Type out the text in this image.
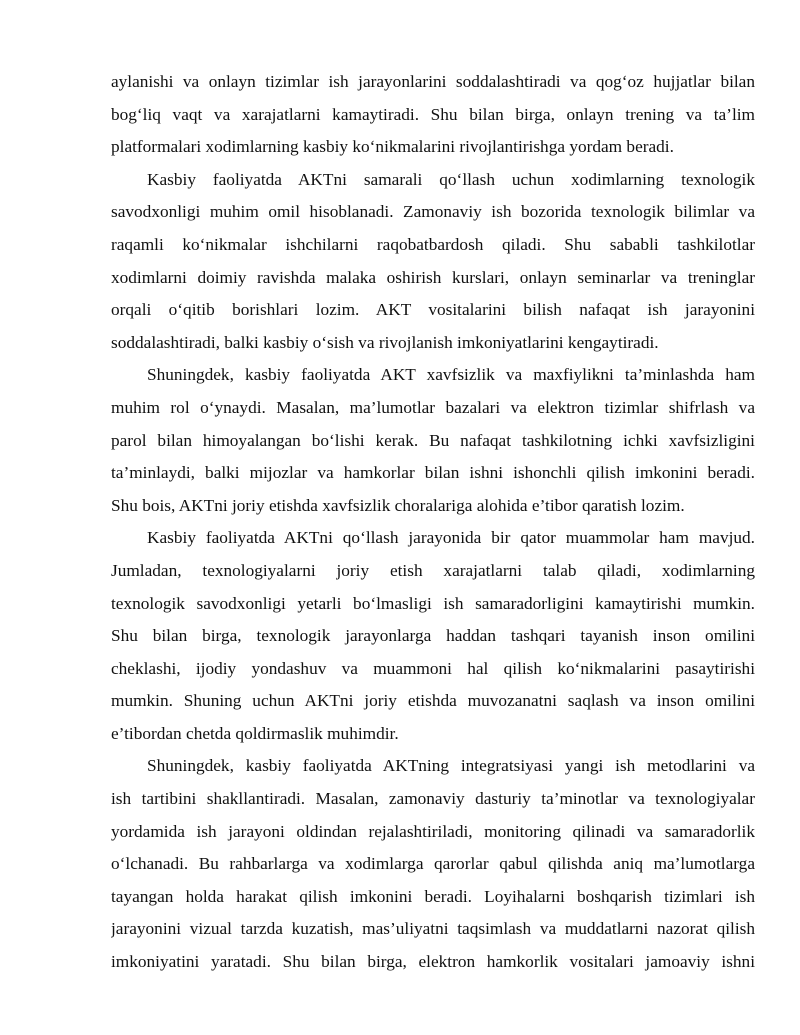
aylanishi va onlayn tizimlar ish jarayonlarini soddalashtiradi va qog‘oz hujjatlar bilan
bog‘liq vaqt va xarajatlarni kamaytiradi. Shu bilan birga, onlayn trening va ta’lim
platformalari xodimlarning kasbiy ko‘nikmalarini rivojlantirishga yordam beradi.
Kasbiy faoliyatda AKTni samarali qo‘llash uchun xodimlarning texnologik
savodxonligi muhim omil hisoblanadi. Zamonaviy ish bozorida texnologik bilimlar va
raqamli ko‘nikmalar ishchilarni raqobatbardosh qiladi. Shu sababli tashkilotlar
xodimlarni doimiy ravishda malaka oshirish kurslari, onlayn seminarlar va treninglar
orqali o‘qitib borishlari lozim. AKT vositalarini bilish nafaqat ish jarayonini
soddalashtiradi, balki kasbiy o‘sish va rivojlanish imkoniyatlarini kengaytiradi.
Shuningdek, kasbiy faoliyatda AKT xavfsizlik va maxfiylikni ta’minlashda ham
muhim rol o‘ynaydi. Masalan, ma’lumotlar bazalari va elektron tizimlar shifrlash va
parol bilan himoyalangan bo‘lishi kerak. Bu nafaqat tashkilotning ichki xavfsizligini
ta’minlaydi, balki mijozlar va hamkorlar bilan ishni ishonchli qilish imkonini beradi.
Shu bois, AKTni joriy etishda xavfsizlik choralariga alohida e’tibor qaratish lozim.
Kasbiy faoliyatda AKTni qo‘llash jarayonida bir qator muammolar ham mavjud.
Jumladan, texnologiyalarni joriy etish xarajatlarni talab qiladi, xodimlarning
texnologik savodxonligi yetarli bo‘lmasligi ish samaradorligini kamaytirishi mumkin.
Shu bilan birga, texnologik jarayonlarga haddan tashqari tayanish inson omilini
cheklashi, ijodiy yondashuv va muammoni hal qilish ko‘nikmalarini pasaytirishi
mumkin. Shuning uchun AKTni joriy etishda muvozanatni saqlash va inson omilini
e’tibordan chetda qoldirmaslik muhimdir.
Shuningdek, kasbiy faoliyatda AKTning integratsiyasi yangi ish metodlarini va
ish tartibini shakllantiradi. Masalan, zamonaviy dasturiy ta’minotlar va texnologiyalar
yordamida ish jarayoni oldindan rejalashtiriladi, monitoring qilinadi va samaradorlik
o‘lchanadi. Bu rahbarlarga va xodimlarga qarorlar qabul qilishda aniq ma’lumotlarga
tayangan holda harakat qilish imkonini beradi. Loyihalarni boshqarish tizimlari ish
jarayonini vizual tarzda kuzatish, mas’uliyatni taqsimlash va muddatlarni nazorat qilish
imkoniyatini yaratadi. Shu bilan birga, elektron hamkorlik vositalari jamoaviy ishni
